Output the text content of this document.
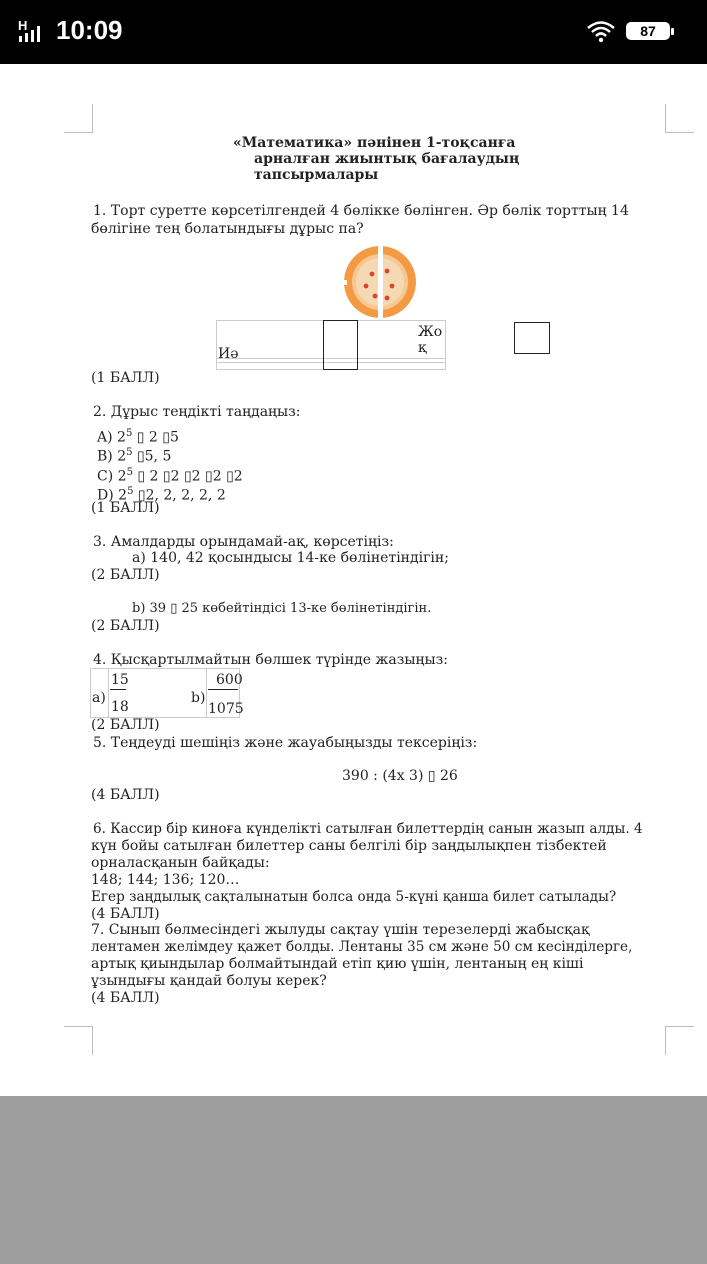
H 10:09	87
«Математика» пәнінен 1-тоқсанға
арналған жиынтық бағалаудың
тапсырмалары
1. Торт суретте көрсетілгендей 4 бөлікке бөлінген. Әр бөлік торттың 14
бөлігіне тең болатындығы дұрыс па?
Иә
Жо
қ
(1 БАЛЛ)
2. Дұрыс теңдікті таңдаңыз:
A) $2^5$ ▯ 2 ▯5
B) $2^5$ ▯5, 5
C) $2^5$ ▯ 2 ▯2 ▯2 ▯2 ▯2
D) $2^5$ ▯2, 2, 2, 2, 2
(1 БАЛЛ)
3. Амалдарды орындамай-ақ, көрсетіңіз:
a) 140, 42 қосындысы 14-ке бөлінетіндігін;
(2 БАЛЛ)
b) 39 ▯ 25 көбейтіндісі 13-ке бөлінетіндігін.
(2 БАЛЛ)
4. Қысқартылмайтын бөлшек түрінде жазыңыз:
a)
15
18
b)
600
1075
(2 БАЛЛ)
5. Теңдеуді шешіңіз және жауабыңызды тексеріңіз:
390 : (4x 3) ▯ 26
(4 БАЛЛ)
6. Кассир бір киноға күнделікті сатылған билеттердің санын жазып алды. 4
күн бойы сатылған билеттер саны белгілі бір заңдылықпен тізбектей
орналасқанын байқады:
148; 144; 136; 120…
Егер заңдылық сақталынатын болса онда 5-күні қанша билет сатылады?
(4 БАЛЛ)
7. Сынып бөлмесіндегі жылуды сақтау үшін терезелерді жабысқақ
лентамен желімдеу қажет болды. Лентаны 35 см және 50 см кесінділерге,
артық қиындылар болмайтындай етіп қию үшін, лентаның ең кіші
ұзындығы қандай болуы керек?
(4 БАЛЛ)
